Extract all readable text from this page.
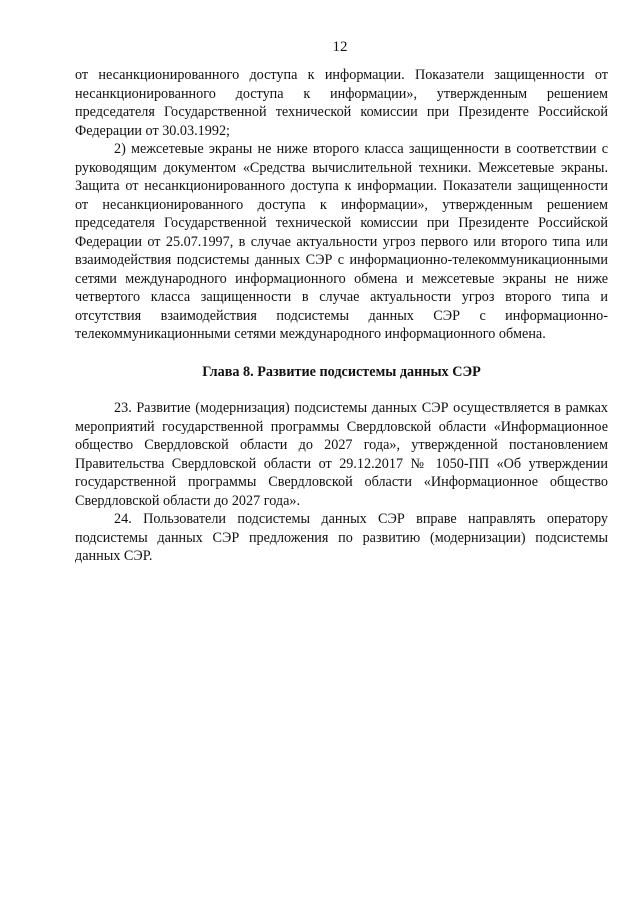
12

от несанкционированного доступа к информации. Показатели защищенности от несанкционированного доступа к информации», утвержденным решением председателя Государственной технической комиссии при Президенте Российской Федерации от 30.03.1992;

2) межсетевые экраны не ниже второго класса защищенности в соответствии с руководящим документом «Средства вычислительной техники. Межсетевые экраны. Защита от несанкционированного доступа к информации. Показатели защищенности от несанкционированного доступа к информации», утвержденным решением председателя Государственной технической комиссии при Президенте Российской Федерации от 25.07.1997, в случае актуальности угроз первого или второго типа или взаимодействия подсистемы данных СЭР с информационно-телекоммуникационными сетями международного информационного обмена и межсетевые экраны не ниже четвертого класса защищенности в случае актуальности угроз второго типа и отсутствия взаимодействия подсистемы данных СЭР с информационно-телекоммуникационными сетями международного информационного обмена.

Глава 8. Развитие подсистемы данных СЭР

23. Развитие (модернизация) подсистемы данных СЭР осуществляется в рамках мероприятий государственной программы Свердловской области «Информационное общество Свердловской области до 2027 года», утвержденной постановлением Правительства Свердловской области от 29.12.2017 № 1050-ПП «Об утверждении государственной программы Свердловской области «Информационное общество Свердловской области до 2027 года».

24. Пользователи подсистемы данных СЭР вправе направлять оператору подсистемы данных СЭР предложения по развитию (модернизации) подсистемы данных СЭР.
